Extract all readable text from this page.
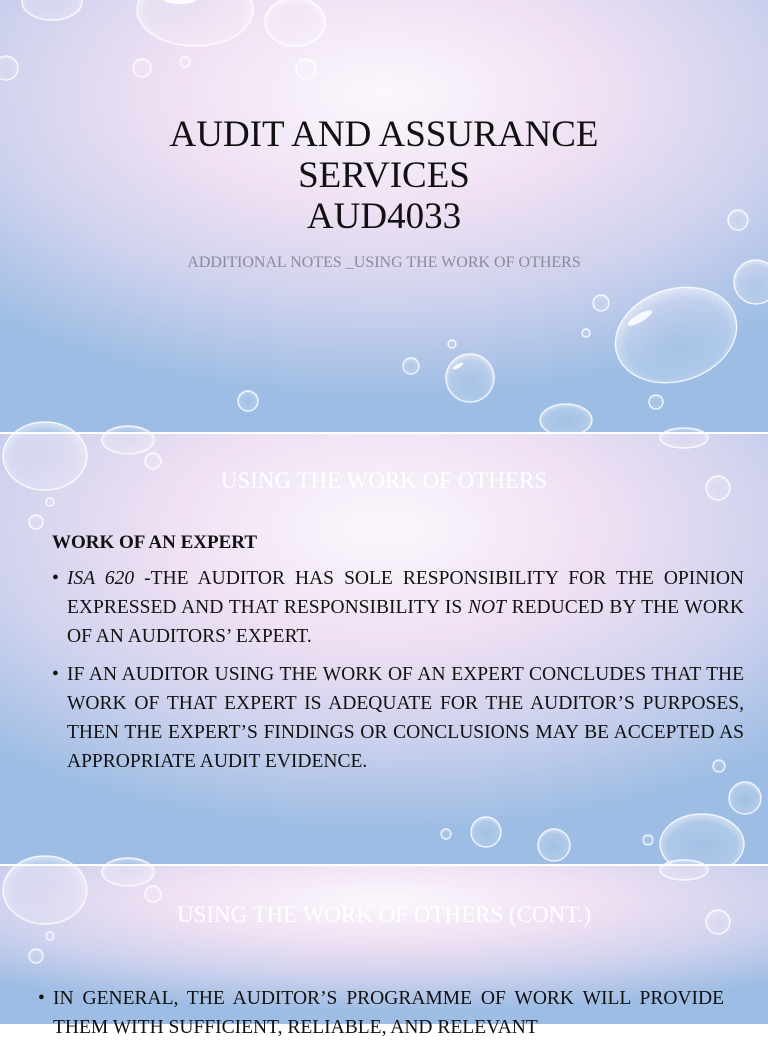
AUDIT AND ASSURANCE
SERVICES
AUD4033
ADDITIONAL NOTES _USING THE WORK OF OTHERS
USING THE WORK OF OTHERS
WORK OF AN EXPERT
• ISA 620 -THE AUDITOR HAS SOLE RESPONSIBILITY FOR THE OPINION EXPRESSED AND THAT RESPONSIBILITY IS NOT REDUCED BY THE WORK OF AN AUDITORS’ EXPERT.
• IF AN AUDITOR USING THE WORK OF AN EXPERT CONCLUDES THAT THE WORK OF THAT EXPERT IS ADEQUATE FOR THE AUDITOR’S PURPOSES, THEN THE EXPERT’S FINDINGS OR CONCLUSIONS MAY BE ACCEPTED AS APPROPRIATE AUDIT EVIDENCE.
USING THE WORK OF OTHERS (CONT.)
• IN GENERAL, THE AUDITOR’S PROGRAMME OF WORK WILL PROVIDE THEM WITH SUFFICIENT, RELIABLE, AND RELEVANT
